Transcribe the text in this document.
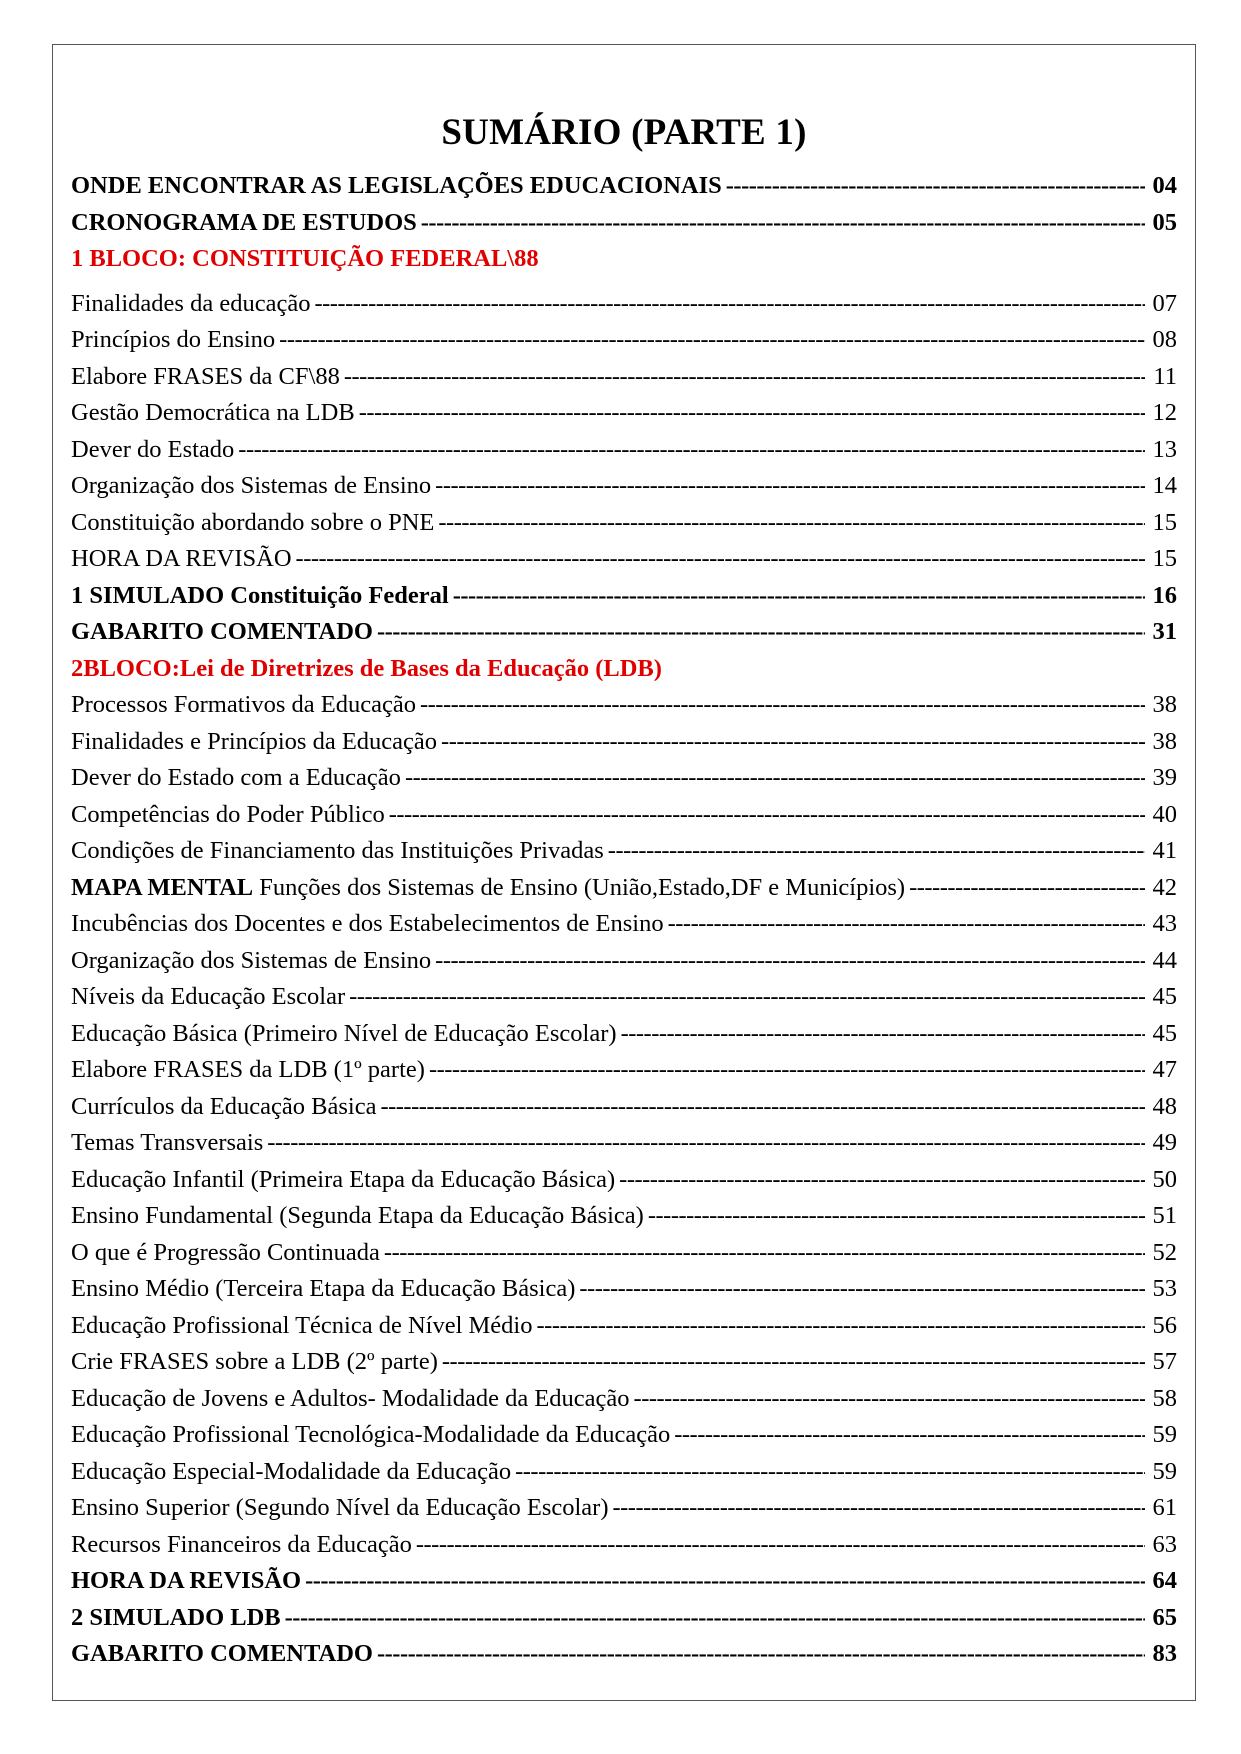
SUMÁRIO (PARTE 1)
ONDE ENCONTRAR AS LEGISLAÇÕES EDUCACIONAIS -----	04
CRONOGRAMA DE ESTUDOS -----	05
1 BLOCO: CONSTITUIÇÃO FEDERAL\88
Finalidades da educação -----	07
Princípios do Ensino -----	08
Elabore FRASES da CF\88 -----	11
Gestão Democrática na LDB -----	12
Dever do Estado -----	13
Organização dos Sistemas de Ensino -----	14
Constituição abordando sobre o PNE -----	15
HORA DA REVISÃO -----	15
1 SIMULADO Constituição Federal -----	16
GABARITO COMENTADO -----	31
2BLOCO:Lei de Diretrizes de Bases da Educação (LDB)
Processos Formativos da Educação -----	38
Finalidades e Princípios da Educação -----	38
Dever do Estado com a Educação -----	39
Competências do Poder Público -----	40
Condições de Financiamento das Instituições Privadas -----	41
MAPA MENTAL Funções dos Sistemas de Ensino (União,Estado,DF e Municípios) -----	42
Incubências dos Docentes e dos Estabelecimentos de Ensino -----	43
Organização dos Sistemas de Ensino -----	44
Níveis da Educação Escolar -----	45
Educação Básica (Primeiro Nível de Educação Escolar) -----	45
Elabore FRASES da LDB (1º parte) -----	47
Currículos da Educação Básica -----	48
Temas Transversais -----	49
Educação Infantil (Primeira Etapa da Educação Básica) -----	50
Ensino Fundamental (Segunda Etapa da Educação Básica) -----	51
O que é Progressão Continuada -----	52
Ensino Médio (Terceira Etapa da Educação Básica) -----	53
Educação Profissional Técnica de Nível Médio -----	56
Crie FRASES sobre a LDB (2º parte) -----	57
Educação de Jovens e Adultos- Modalidade da Educação -----	58
Educação Profissional Tecnológica-Modalidade da Educação -----	59
Educação Especial-Modalidade da Educação -----	59
Ensino Superior (Segundo Nível da Educação Escolar) -----	61
Recursos Financeiros da Educação -----	63
HORA DA REVISÃO -----	64
2 SIMULADO LDB -----	65
GABARITO COMENTADO -----	83
